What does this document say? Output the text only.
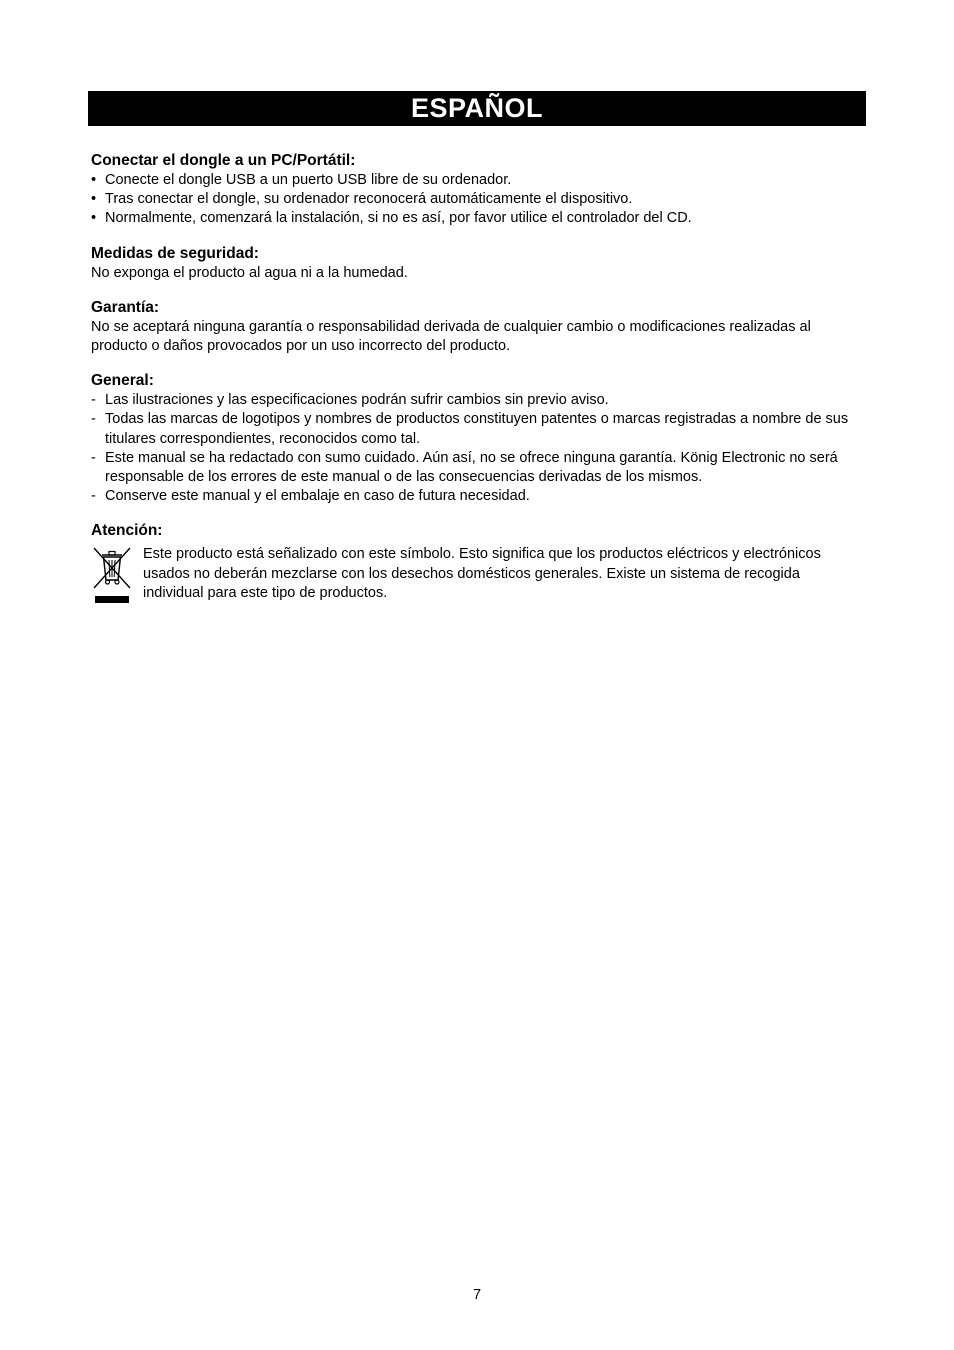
ESPAÑOL

Conectar el dongle a un PC/Portátil:

• Conecte el dongle USB a un puerto USB libre de su ordenador.
• Tras conectar el dongle, su ordenador reconocerá automáticamente el dispositivo.
• Normalmente, comenzará la instalación, si no es así, por favor utilice el controlador del CD.

Medidas de seguridad:

No exponga el producto al agua ni a la humedad.

Garantía:

No se aceptará ninguna garantía o responsabilidad derivada de cualquier cambio o modificaciones realizadas al producto o daños provocados por un uso incorrecto del producto.

General:

- Las ilustraciones y las especificaciones podrán sufrir cambios sin previo aviso.
- Todas las marcas de logotipos y nombres de productos constituyen patentes o marcas registradas a nombre de sus titulares correspondientes, reconocidos como tal.
- Este manual se ha redactado con sumo cuidado. Aún así, no se ofrece ninguna garantía. König Electronic no será responsable de los errores de este manual o de las consecuencias derivadas de los mismos.
- Conserve este manual y el embalaje en caso de futura necesidad.

Atención:

Este producto está señalizado con este símbolo. Esto significa que los productos eléctricos y electrónicos usados no deberán mezclarse con los desechos domésticos generales. Existe un sistema de recogida individual para este tipo de productos.

7
